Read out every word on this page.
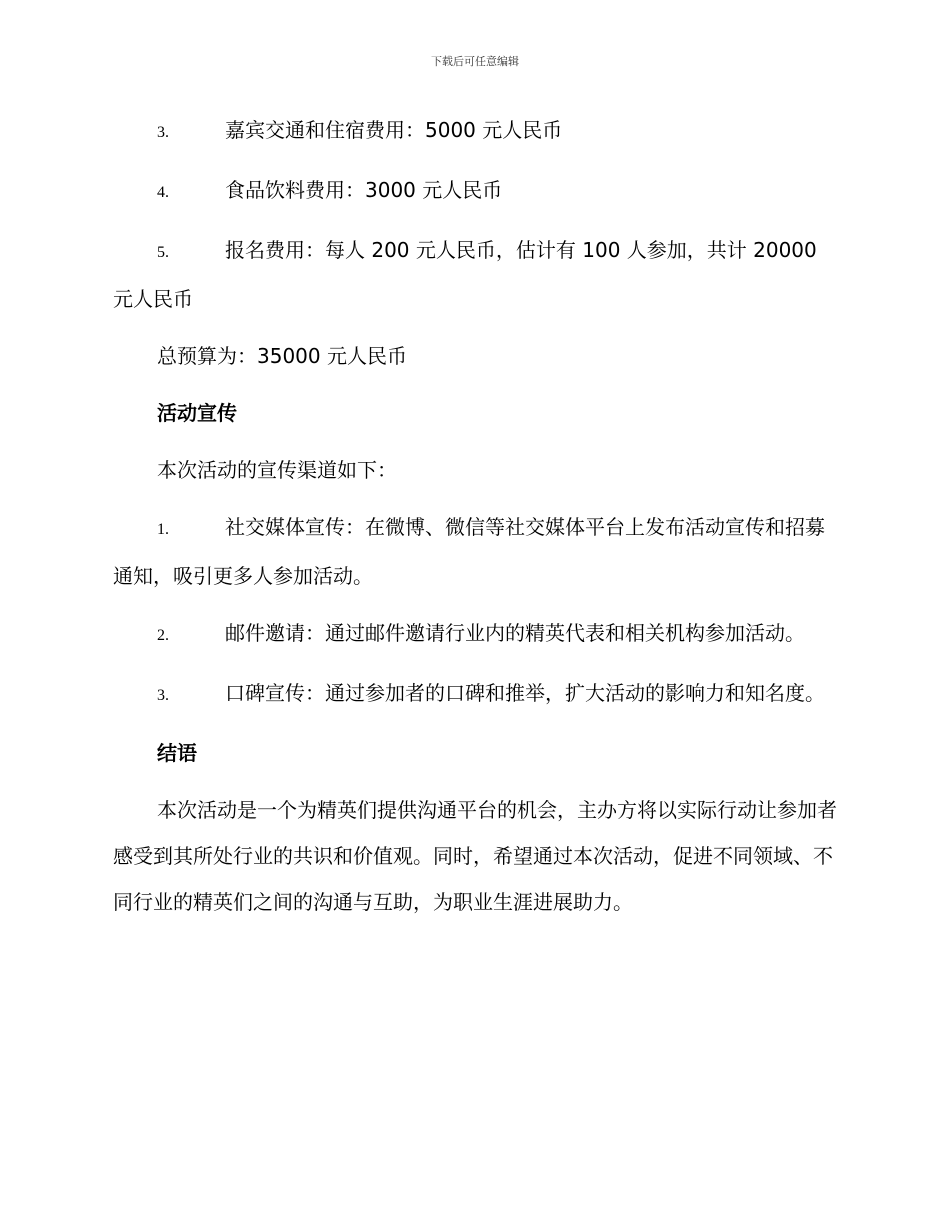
下载后可任意编辑

3.	嘉宾交通和住宿费用：5000 元人民币

4.	食品饮料费用：3000 元人民币

5.	报名费用：每人 200 元人民币，估计有 100 人参加，共计 20000 元人民币

总预算为：35000 元人民币

活动宣传

本次活动的宣传渠道如下：

1.	社交媒体宣传：在微博、微信等社交媒体平台上发布活动宣传和招募通知，吸引更多人参加活动。

2.	邮件邀请：通过邮件邀请行业内的精英代表和相关机构参加活动。

3.	口碑宣传：通过参加者的口碑和推举，扩大活动的影响力和知名度。

结语

本次活动是一个为精英们提供沟通平台的机会，主办方将以实际行动让参加者感受到其所处行业的共识和价值观。同时，希望通过本次活动，促进不同领域、不同行业的精英们之间的沟通与互助，为职业生涯进展助力。
